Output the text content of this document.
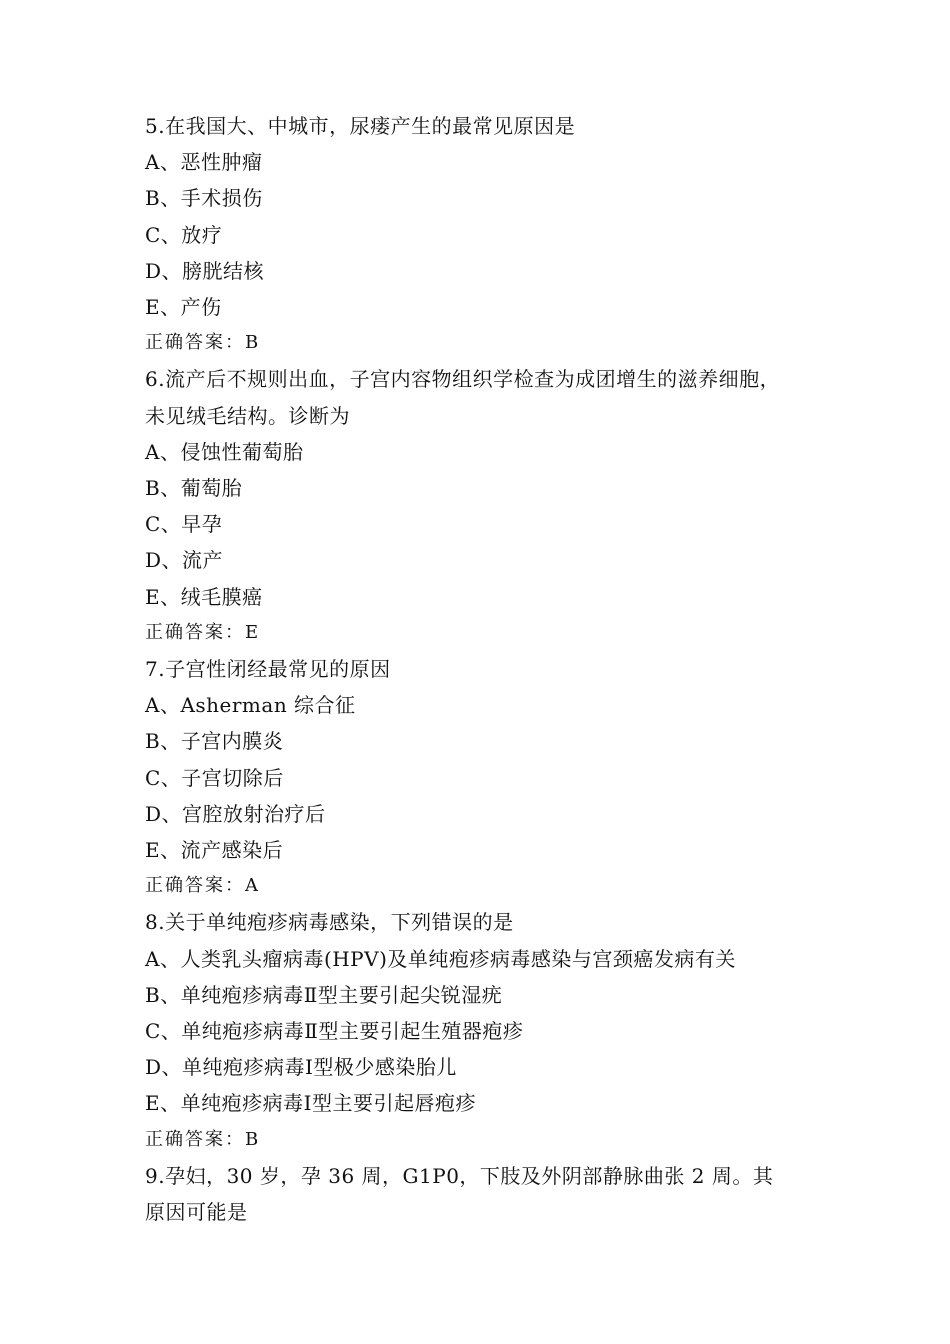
5.在我国大、中城市，尿瘘产生的最常见原因是
A、恶性肿瘤
B、手术损伤
C、放疗
D、膀胱结核
E、产伤
正确答案：B
6.流产后不规则出血，子宫内容物组织学检查为成团增生的滋养细胞，
未见绒毛结构。诊断为
A、侵蚀性葡萄胎
B、葡萄胎
C、早孕
D、流产
E、绒毛膜癌
正确答案：E
7.子宫性闭经最常见的原因
A、Asherman 综合征
B、子宫内膜炎
C、子宫切除后
D、宫腔放射治疗后
E、流产感染后
正确答案：A
8.关于单纯疱疹病毒感染，下列错误的是
A、人类乳头瘤病毒(HPV)及单纯疱疹病毒感染与宫颈癌发病有关
B、单纯疱疹病毒Ⅱ型主要引起尖锐湿疣
C、单纯疱疹病毒Ⅱ型主要引起生殖器疱疹
D、单纯疱疹病毒Ⅰ型极少感染胎儿
E、单纯疱疹病毒Ⅰ型主要引起唇疱疹
正确答案：B
9.孕妇，30 岁，孕 36 周，G1P0，下肢及外阴部静脉曲张 2 周。其
原因可能是
